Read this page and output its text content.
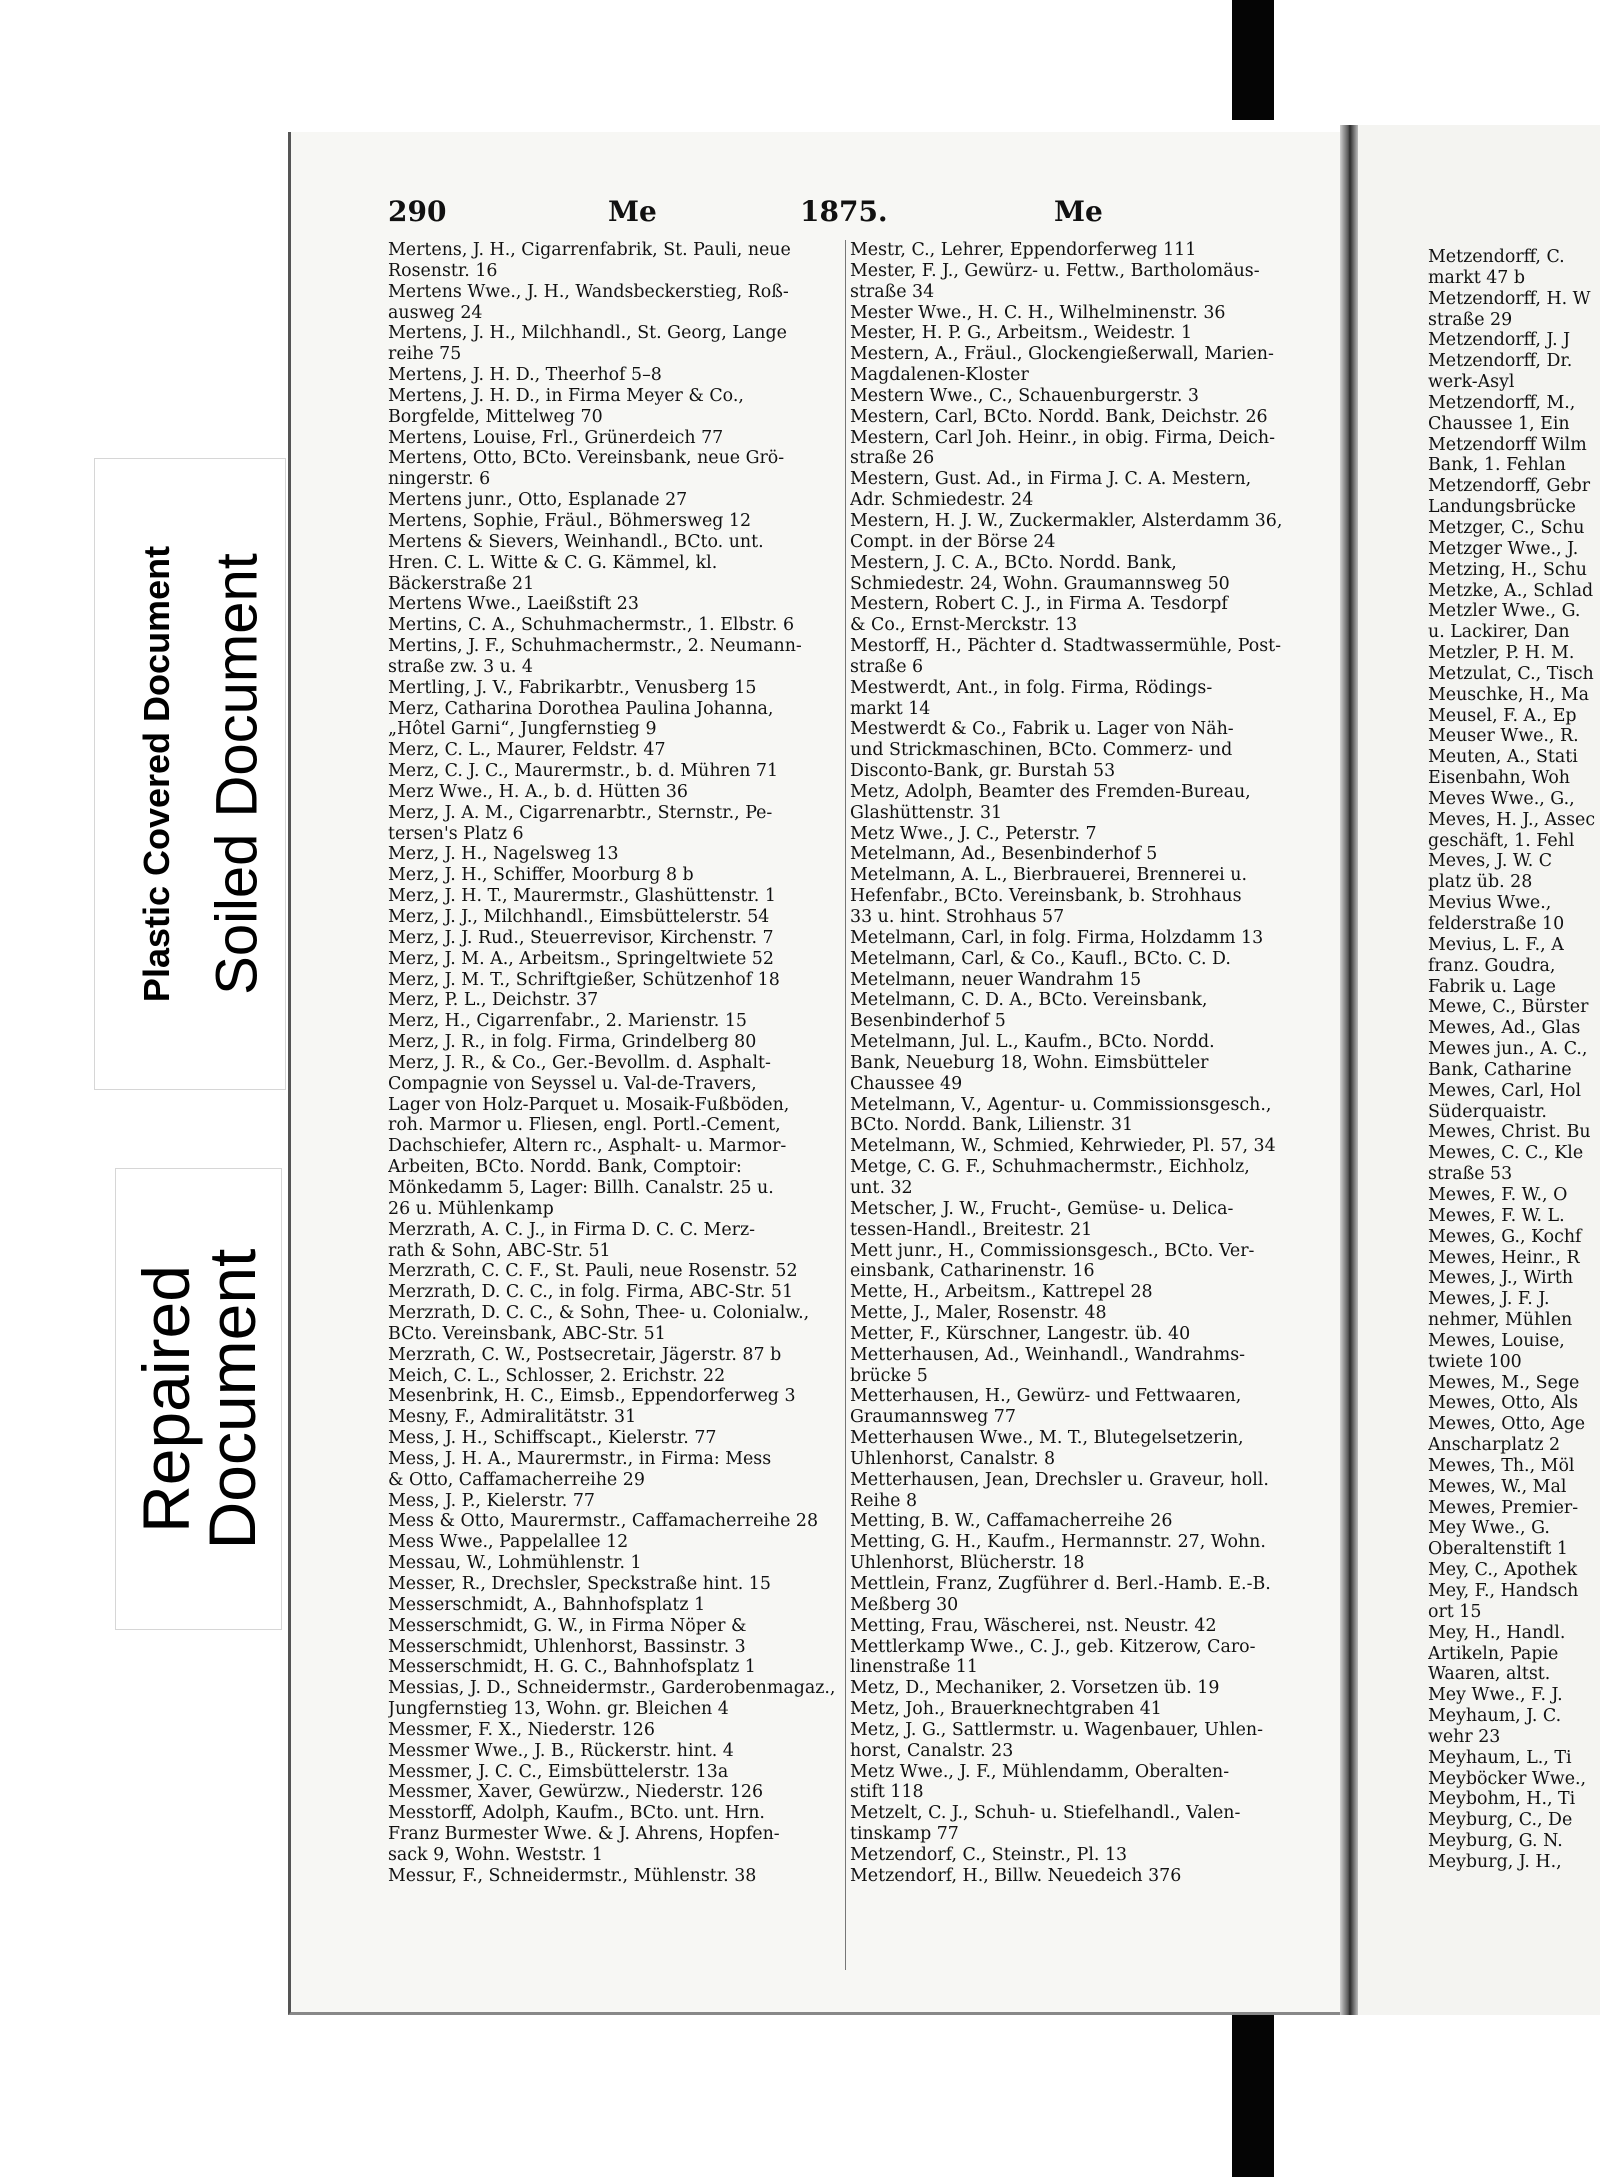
Plastic Covered Document Soiled Document
Repaired
Document
290	Me	1875.	Me
Mertens, J. H., Cigarrenfabrik, St. Pauli, neue
Rosenstr. 16
Mertens Wwe., J. H., Wandsbeckerstieg, Roß-
ausweg 24
Mertens, J. H., Milchhandl., St. Georg, Lange
reihe 75
Mertens, J. H. D., Theerhof 5–8
Mertens, J. H. D., in Firma Meyer & Co.,
Borgfelde, Mittelweg 70
Mertens, Louise, Frl., Grünerdeich 77
Mertens, Otto, BCto. Vereinsbank, neue Grö-
ningerstr. 6
Mertens junr., Otto, Esplanade 27
Mertens, Sophie, Fräul., Böhmersweg 12
Mertens & Sievers, Weinhandl., BCto. unt.
Hren. C. L. Witte & C. G. Kämmel, kl.
Bäckerstraße 21
Mertens Wwe., Laeißstift 23
Mertins, C. A., Schuhmachermstr., 1. Elbstr. 6
Mertins, J. F., Schuhmachermstr., 2. Neumann-
straße zw. 3 u. 4
Mertling, J. V., Fabrikarbtr., Venusberg 15
Merz, Catharina Dorothea Paulina Johanna,
„Hôtel Garni“, Jungfernstieg 9
Merz, C. L., Maurer, Feldstr. 47
Merz, C. J. C., Maurermstr., b. d. Mühren 71
Merz Wwe., H. A., b. d. Hütten 36
Merz, J. A. M., Cigarrenarbtr., Sternstr., Pe-
tersen's Platz 6
Merz, J. H., Nagelsweg 13
Merz, J. H., Schiffer, Moorburg 8 b
Merz, J. H. T., Maurermstr., Glashüttenstr. 1
Merz, J. J., Milchhandl., Eimsbüttelerstr. 54
Merz, J. J. Rud., Steuerrevisor, Kirchenstr. 7
Merz, J. M. A., Arbeitsm., Springeltwiete 52
Merz, J. M. T., Schriftgießer, Schützenhof 18
Merz, P. L., Deichstr. 37
Merz, H., Cigarrenfabr., 2. Marienstr. 15
Merz, J. R., in folg. Firma, Grindelberg 80
Merz, J. R., & Co., Ger.-Bevollm. d. Asphalt-
Compagnie von Seyssel u. Val-de-Travers,
Lager von Holz-Parquet u. Mosaik-Fußböden,
roh. Marmor u. Fliesen, engl. Portl.-Cement,
Dachschiefer, Altern rc., Asphalt- u. Marmor-
Arbeiten, BCto. Nordd. Bank, Comptoir:
Mönkedamm 5, Lager: Billh. Canalstr. 25 u.
26 u. Mühlenkamp
Merzrath, A. C. J., in Firma D. C. C. Merz-
rath & Sohn, ABC-Str. 51
Merzrath, C. C. F., St. Pauli, neue Rosenstr. 52
Merzrath, D. C. C., in folg. Firma, ABC-Str. 51
Merzrath, D. C. C., & Sohn, Thee- u. Colonialw.,
BCto. Vereinsbank, ABC-Str. 51
Merzrath, C. W., Postsecretair, Jägerstr. 87 b
Meich, C. L., Schlosser, 2. Erichstr. 22
Mesenbrink, H. C., Eimsb., Eppendorferweg 3
Mesny, F., Admiralitätstr. 31
Mess, J. H., Schiffscapt., Kielerstr. 77
Mess, J. H. A., Maurermstr., in Firma: Mess
& Otto, Caffamacherreihe 29
Mess, J. P., Kielerstr. 77
Mess & Otto, Maurermstr., Caffamacherreihe 28
Mess Wwe., Pappelallee 12
Messau, W., Lohmühlenstr. 1
Messer, R., Drechsler, Speckstraße hint. 15
Messerschmidt, A., Bahnhofsplatz 1
Messerschmidt, G. W., in Firma Nöper &
Messerschmidt, Uhlenhorst, Bassinstr. 3
Messerschmidt, H. G. C., Bahnhofsplatz 1
Messias, J. D., Schneidermstr., Garderobenmagaz.,
Jungfernstieg 13, Wohn. gr. Bleichen 4
Messmer, F. X., Niederstr. 126
Messmer Wwe., J. B., Rückerstr. hint. 4
Messmer, J. C. C., Eimsbüttelerstr. 13a
Messmer, Xaver, Gewürzw., Niederstr. 126
Messtorff, Adolph, Kaufm., BCto. unt. Hrn.
Franz Burmester Wwe. & J. Ahrens, Hopfen-
sack 9, Wohn. Weststr. 1
Messur, F., Schneidermstr., Mühlenstr. 38
Mestr, C., Lehrer, Eppendorferweg 111
Mester, F. J., Gewürz- u. Fettw., Bartholomäus-
straße 34
Mester Wwe., H. C. H., Wilhelminenstr. 36
Mester, H. P. G., Arbeitsm., Weidestr. 1
Mestern, A., Fräul., Glockengießerwall, Marien-
Magdalenen-Kloster
Mestern Wwe., C., Schauenburgerstr. 3
Mestern, Carl, BCto. Nordd. Bank, Deichstr. 26
Mestern, Carl Joh. Heinr., in obig. Firma, Deich-
straße 26
Mestern, Gust. Ad., in Firma J. C. A. Mestern,
Adr. Schmiedestr. 24
Mestern, H. J. W., Zuckermakler, Alsterdamm 36,
Compt. in der Börse 24
Mestern, J. C. A., BCto. Nordd. Bank,
Schmiedestr. 24, Wohn. Graumannsweg 50
Mestern, Robert C. J., in Firma A. Tesdorpf
& Co., Ernst-Merckstr. 13
Mestorff, H., Pächter d. Stadtwassermühle, Post-
straße 6
Mestwerdt, Ant., in folg. Firma, Rödings-
markt 14
Mestwerdt & Co., Fabrik u. Lager von Näh-
und Strickmaschinen, BCto. Commerz- und
Disconto-Bank, gr. Burstah 53
Metz, Adolph, Beamter des Fremden-Bureau,
Glashüttenstr. 31
Metz Wwe., J. C., Peterstr. 7
Metelmann, Ad., Besenbinderhof 5
Metelmann, A. L., Bierbrauerei, Brennerei u.
Hefenfabr., BCto. Vereinsbank, b. Strohhaus
33 u. hint. Strohhaus 57
Metelmann, Carl, in folg. Firma, Holzdamm 13
Metelmann, Carl, & Co., Kaufl., BCto. C. D.
Metelmann, neuer Wandrahm 15
Metelmann, C. D. A., BCto. Vereinsbank,
Besenbinderhof 5
Metelmann, Jul. L., Kaufm., BCto. Nordd.
Bank, Neueburg 18, Wohn. Eimsbütteler
Chaussee 49
Metelmann, V., Agentur- u. Commissionsgesch.,
BCto. Nordd. Bank, Lilienstr. 31
Metelmann, W., Schmied, Kehrwieder, Pl. 57, 34
Metge, C. G. F., Schuhmachermstr., Eichholz,
unt. 32
Metscher, J. W., Frucht-, Gemüse- u. Delica-
tessen-Handl., Breitestr. 21
Mett junr., H., Commissionsgesch., BCto. Ver-
einsbank, Catharinenstr. 16
Mette, H., Arbeitsm., Kattrepel 28
Mette, J., Maler, Rosenstr. 48
Metter, F., Kürschner, Langestr. üb. 40
Metterhausen, Ad., Weinhandl., Wandrahms-
brücke 5
Metterhausen, H., Gewürz- und Fettwaaren,
Graumannsweg 77
Metterhausen Wwe., M. T., Blutegelsetzerin,
Uhlenhorst, Canalstr. 8
Metterhausen, Jean, Drechsler u. Graveur, holl.
Reihe 8
Metting, B. W., Caffamacherreihe 26
Metting, G. H., Kaufm., Hermannstr. 27, Wohn.
Uhlenhorst, Blücherstr. 18
Mettlein, Franz, Zugführer d. Berl.-Hamb. E.-B.
Meßberg 30
Metting, Frau, Wäscherei, nst. Neustr. 42
Mettlerkamp Wwe., C. J., geb. Kitzerow, Caro-
linenstraße 11
Metz, D., Mechaniker, 2. Vorsetzen üb. 19
Metz, Joh., Brauerknechtgraben 41
Metz, J. G., Sattlermstr. u. Wagenbauer, Uhlen-
horst, Canalstr. 23
Metz Wwe., J. F., Mühlendamm, Oberalten-
stift 118
Metzelt, C. J., Schuh- u. Stiefelhandl., Valen-
tinskamp 77
Metzendorf, C., Steinstr., Pl. 13
Metzendorf, H., Billw. Neuedeich 376
Metzendorff, C.
markt 47 b
Metzendorff, H. W
straße 29
Metzendorff, J. J
Metzendorff, Dr.
werk-Asyl
Metzendorff, M.,
Chaussee 1, Ein
Metzendorff Wilm
Bank, 1. Fehlan
Metzendorff, Gebr
Landungsbrücke
Metzger, C., Schu
Metzger Wwe., J.
Metzing, H., Schu
Metzke, A., Schlad
Metzler Wwe., G.
u. Lackirer, Dan
Metzler, P. H. M.
Metzulat, C., Tisch
Meuschke, H., Ma
Meusel, F. A., Ep
Meuser Wwe., R.
Meuten, A., Stati
Eisenbahn, Woh
Meves Wwe., G.,
Meves, H. J., Assec
geschäft, 1. Fehl
Meves, J. W. C
platz üb. 28
Mevius Wwe.,
felderstraße 10
Mevius, L. F., A
franz. Goudra,
Fabrik u. Lage
Mewe, C., Bürster
Mewes, Ad., Glas
Mewes jun., A. C.,
Bank, Catharine
Mewes, Carl, Hol
Süderquaistr.
Mewes, Christ. Bu
Mewes, C. C., Kle
straße 53
Mewes, F. W., O
Mewes, F. W. L.
Mewes, G., Kochf
Mewes, Heinr., R
Mewes, J., Wirth
Mewes, J. F. J.
nehmer, Mühlen
Mewes, Louise,
twiete 100
Mewes, M., Sege
Mewes, Otto, Als
Mewes, Otto, Age
Anscharplatz 2
Mewes, Th., Möl
Mewes, W., Mal
Mewes, Premier-
Mey Wwe., G.
Oberaltenstift 1
Mey, C., Apothek
Mey, F., Handsch
ort 15
Mey, H., Handl.
Artikeln, Papie
Waaren, altst.
Mey Wwe., F. J.
Meyhaum, J. C.
wehr 23
Meyhaum, L., Ti
Meyböcker Wwe.,
Meybohm, H., Ti
Meyburg, C., De
Meyburg, G. N.
Meyburg, J. H.,
